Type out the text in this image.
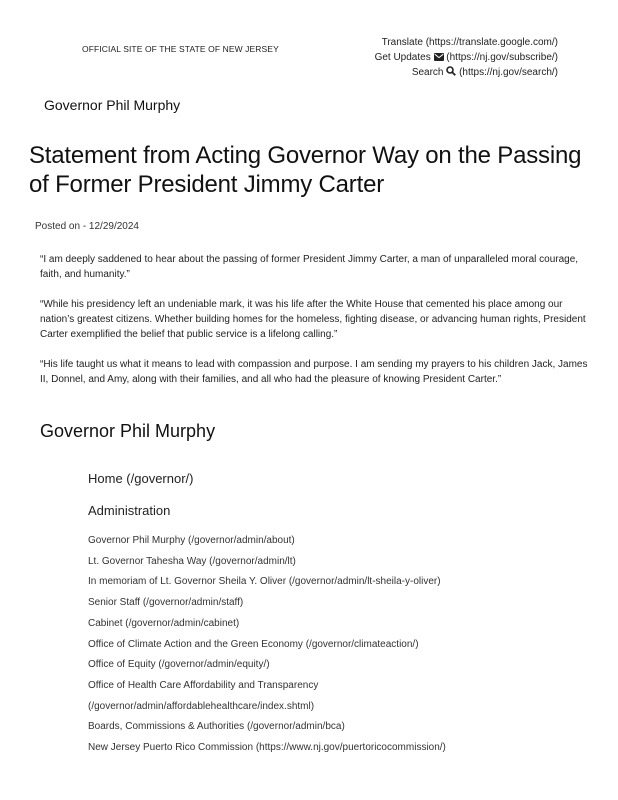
OFFICIAL SITE OF THE STATE OF NEW JERSEY
Translate (https://translate.google.com/)
Get Updates (https://nj.gov/subscribe/)
Search (https://nj.gov/search/)
Governor Phil Murphy
Statement from Acting Governor Way on the Passing of Former President Jimmy Carter
Posted on - 12/29/2024

“I am deeply saddened to hear about the passing of former President Jimmy Carter, a man of unparalleled moral courage, faith, and humanity.”

“While his presidency left an undeniable mark, it was his life after the White House that cemented his place among our nation’s greatest citizens. Whether building homes for the homeless, fighting disease, or advancing human rights, President Carter exemplified the belief that public service is a lifelong calling.”

“His life taught us what it means to lead with compassion and purpose. I am sending my prayers to his children Jack, James II, Donnel, and Amy, along with their families, and all who had the pleasure of knowing President Carter.”

Governor Phil Murphy
Home (/governor/)
Administration
Governor Phil Murphy (/governor/admin/about)
Lt. Governor Tahesha Way (/governor/admin/lt)
In memoriam of Lt. Governor Sheila Y. Oliver (/governor/admin/lt-sheila-y-oliver)
Senior Staff (/governor/admin/staff)
Cabinet (/governor/admin/cabinet)
Office of Climate Action and the Green Economy (/governor/climateaction/)
Office of Equity (/governor/admin/equity/)
Office of Health Care Affordability and Transparency
(/governor/admin/affordablehealthcare/index.shtml)
Boards, Commissions & Authorities (/governor/admin/bca)
New Jersey Puerto Rico Commission (https://www.nj.gov/puertoricocommission/)
